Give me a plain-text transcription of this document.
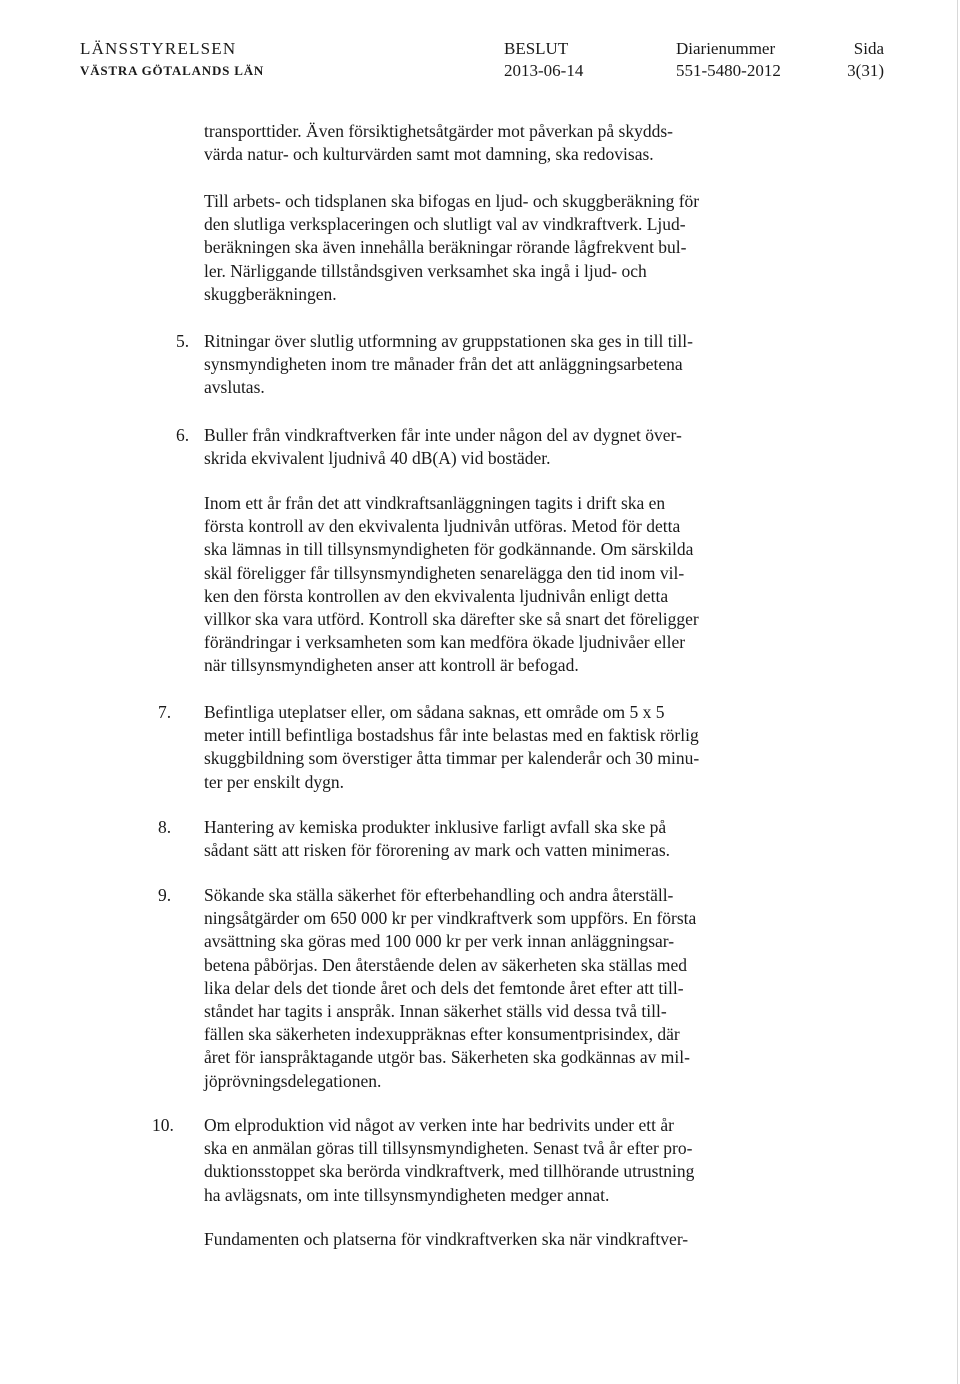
LÄNSSTYRELSEN
VÄSTRA GÖTALANDS LÄN
BESLUT
2013-06-14
Diarienummer
551-5480-2012
Sida
3(31)
transporttider. Även försiktighetsåtgärder mot påverkan på skydds-
värda natur- och kulturvärden samt mot damning, ska redovisas.
Till arbets- och tidsplanen ska bifogas en ljud- och skuggberäkning för
den slutliga verksplaceringen och slutligt val av vindkraftverk. Ljud-
beräkningen ska även innehålla beräkningar rörande lågfrekvent bul-
ler. Närliggande tillståndsgiven verksamhet ska ingå i ljud- och
skuggberäkningen.
5. Ritningar över slutlig utformning av gruppstationen ska ges in till till-
synsmyndigheten inom tre månader från det att anläggningsarbetena
avslutas.
6. Buller från vindkraftverken får inte under någon del av dygnet över-
skrida ekvivalent ljudnivå 40 dB(A) vid bostäder.
Inom ett år från det att vindkraftsanläggningen tagits i drift ska en
första kontroll av den ekvivalenta ljudnivån utföras. Metod för detta
ska lämnas in till tillsynsmyndigheten för godkännande. Om särskilda
skäl föreligger får tillsynsmyndigheten senarelägga den tid inom vil-
ken den första kontrollen av den ekvivalenta ljudnivån enligt detta
villkor ska vara utförd. Kontroll ska därefter ske så snart det föreligger
förändringar i verksamheten som kan medföra ökade ljudnivåer eller
när tillsynsmyndigheten anser att kontroll är befogad.
7. Befintliga uteplatser eller, om sådana saknas, ett område om 5 x 5
meter intill befintliga bostadshus får inte belastas med en faktisk rörlig
skuggbildning som överstiger åtta timmar per kalenderår och 30 minu-
ter per enskilt dygn.
8. Hantering av kemiska produkter inklusive farligt avfall ska ske på
sådant sätt att risken för förorening av mark och vatten minimeras.
9. Sökande ska ställa säkerhet för efterbehandling och andra återställ-
ningsåtgärder om 650 000 kr per vindkraftverk som uppförs. En första
avsättning ska göras med 100 000 kr per verk innan anläggningsar-
betena påbörjas. Den återstående delen av säkerheten ska ställas med
lika delar dels det tionde året och dels det femtonde året efter att till-
ståndet har tagits i anspråk. Innan säkerhet ställs vid dessa två till-
fällen ska säkerheten indexuppräknas efter konsumentprisindex, där
året för ianspråktagande utgör bas. Säkerheten ska godkännas av mil-
jöprövningsdelegationen.
10. Om elproduktion vid något av verken inte har bedrivits under ett år
ska en anmälan göras till tillsynsmyndigheten. Senast två år efter pro-
duktionsstoppet ska berörda vindkraftverk, med tillhörande utrustning
ha avlägsnats, om inte tillsynsmyndigheten medger annat.
Fundamenten och platserna för vindkraftverken ska när vindkraftver-
